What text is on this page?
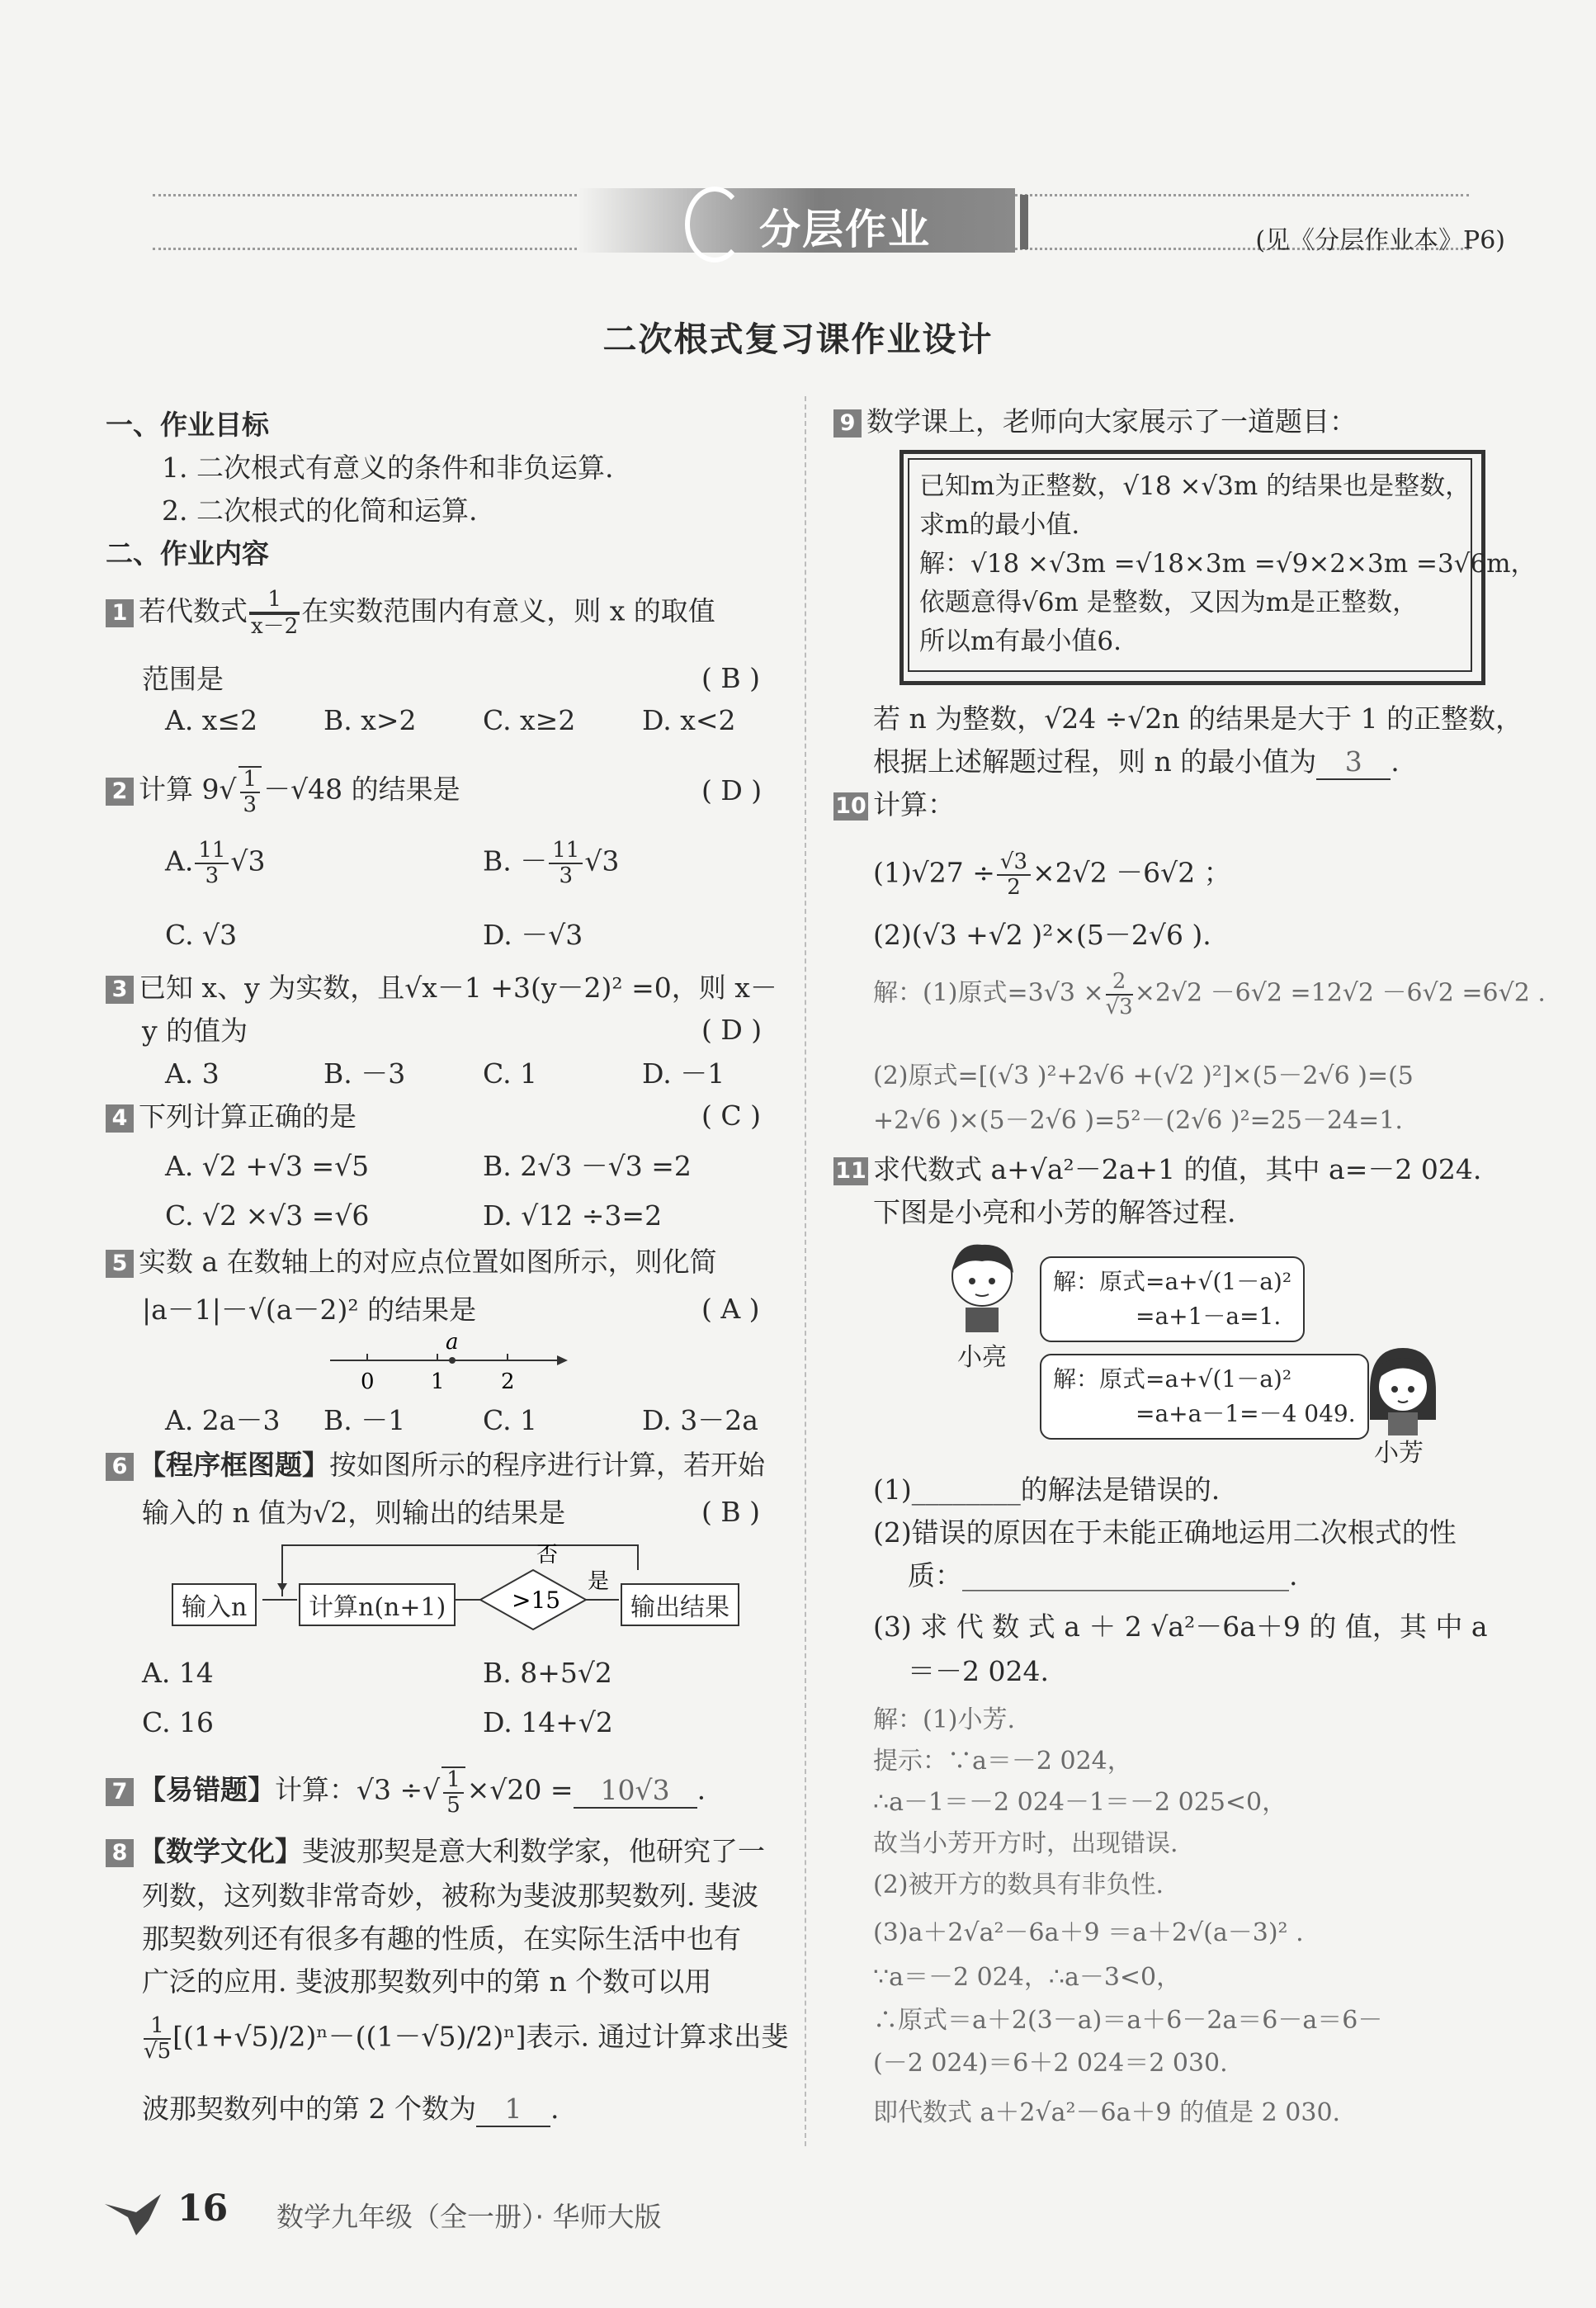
分层作业	(见《分层作业本》P6)
二次根式复习课作业设计
一、作业目标
1. 二次根式有意义的条件和非负运算.
2. 二次根式的化简和运算.
二、作业内容
1 若代数式 $\frac{1}{x-2}$ 在实数范围内有意义，则 x 的取值
范围是	( B )
A. x≤2 B. x>2 C. x≥2 D. x<2
2 计算 $9√ \frac{1}{3} -√48$ 的结果是	( D )
A. $\frac{11}{3} √3$	B. － $\frac{11}{3} √3$
C. √3	D. －√3
3 已知 x、y 为实数，且√x－1 +3(y－2)² =0，则 x－
y 的值为	( D )
A. 3	B. －3	C. 1	D. －1
4 下列计算正确的是	( C )
A. √2 +√3 =√5	B. 2√3 －√3 =2
C. √2 ×√3 =√6	D. √12 ÷3=2
5 实数 a 在数轴上的对应点位置如图所示，则化简
|a－1|－√(a－2)² 的结果是	( A )
a
0	1	2
A. 2a－3 B. －1	C. 1	D. 3－2a
6 【程序框图题】按如图所示的程序进行计算，若开始
输入的 n 值为√2，则输出的结果是	( B )
>15
否
是
输入n	计算n(n+1)	输出结果
A. 14	B. 8+5√2
C. 16	D. 14+√2
7 【易错题】计算：√3 ÷√ $\frac{1}{5} \times√20 = 10√3$ .
8 【数学文化】斐波那契是意大利数学家，他研究了一
列数，这列数非常奇妙，被称为斐波那契数列. 斐波
那契数列还有很多有趣的性质，在实际生活中也有
广泛的应用. 斐波那契数列中的第 n 个数可以用
$\frac{1}{√5} [(1+√5)/2)^n-((1-√5)/2)^n$]表示. 通过计算求出斐
波那契数列中的第 2 个数为 1 .
9 数学课上，老师向大家展示了一道题目：
已知m为正整数，√18 ×√3m 的结果也是整数，
求m的最小值.
解：√18 ×√3m =√18×3m =√9×2×3m =3√6m，
依题意得√6m 是整数，又因为m是正整数，
所以m有最小值6.
若 n 为整数，√24 ÷√2n 的结果是大于 1 的正整数，
根据上述解题过程，则 n 的最小值为 3 .
10 计算：
$(1)√27 \div \frac{√3}{2} \times 2√2 -6√2$ ；
(2)(√3 +√2 )²×(5－2√6 ).
解：(1)原式$=3√3 \times \frac{2}{√3} \times 2√2 -6√2 =12√2 -6√2 =6√2$ .
(2)原式=[(√3 )²+2√6 +(√2 )²]×(5－2√6 )=(5
+2√6 )×(5－2√6 )=5²－(2√6 )²=25－24=1.
11 求代数式 a+√a²－2a+1 的值，其中 a=－2 024.
下图是小亮和小芳的解答过程.
小亮
解：原式=a+√(1－a)²
=a+1－a=1.
小芳
解：原式=a+√(1－a)²
=a+a－1=－4 049.
(1)________的解法是错误的.
(2)错误的原因在于未能正确地运用二次根式的性
质：________________________.
(3) 求 代 数 式 a ＋ 2 √a²－6a＋9 的 值，其 中 a
＝－2 024.
解：(1)小芳.
提示：∵a＝－2 024，
∴a－1＝－2 024－1＝－2 025<0，
故当小芳开方时，出现错误.
(2)被开方的数具有非负性.
(3)a＋2√a²－6a＋9 ＝a＋2√(a－3)² .
∵a＝－2 024，∴a－3<0，
∴原式＝a＋2(3－a)＝a＋6－2a＝6－a＝6－
(－2 024)＝6＋2 024＝2 030.
即代数式 a＋2√a²－6a＋9 的值是 2 030.
16 数学九年级（全一册）· 华师大版
